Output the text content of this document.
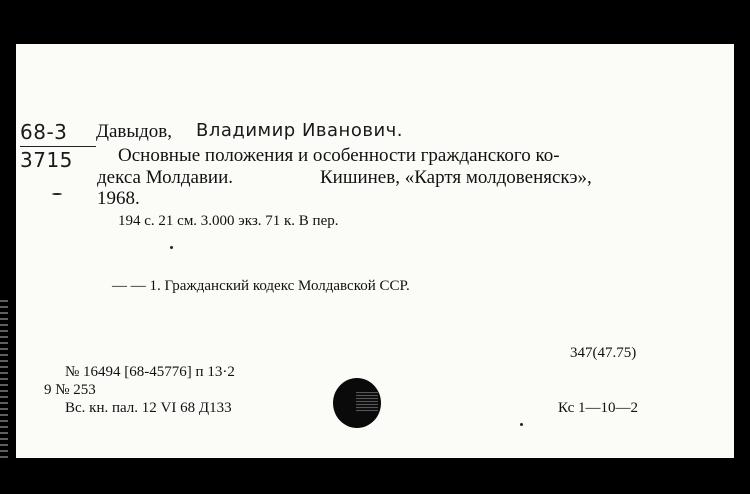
68-3
3715
Давыдов, Владимир Иванович.
Основные положения и особенности гражданского ко-
декса Молдавии.	Кишинев, «Картя молдовеняскэ»,
1968.
194 с. 21 см. 3.000 экз. 71 к. В пер.
— — 1. Гражданский кодекс Молдавской ССР.
347(47.75)
№ 16494 [68-45776] п 13·2
9 № 253
Вс. кн. пал. 12 VI 68 Д133	Кс 1—10—2
